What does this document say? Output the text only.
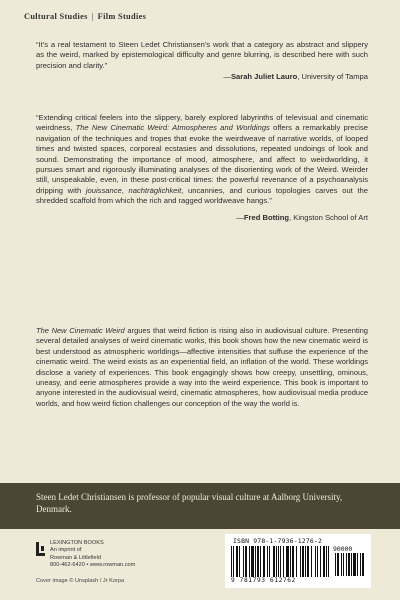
Cultural Studies | Film Studies
“It’s a real testament to Steen Ledet Christiansen’s work that a category as abstract and slippery as the weird, marked by epistemological difficulty and genre blurring, is described here with such precision and clarity.”
—Sarah Juliet Lauro, University of Tampa
“Extending critical feelers into the slippery, barely explored labyrinths of televisual and cinematic weirdness, The New Cinematic Weird: Atmospheres and Worldings offers a remarkably precise navigation of the techniques and tropes that evoke the weirdweave of narrative worlds, of looped times and twisted spaces, corporeal ecstasies and dissolutions, repeated undoings of look and sound. Demonstrating the importance of mood, atmosphere, and affect to weirdworlding, it pursues smart and rigorously illuminating analyses of the disorienting work of the Weird. Weirder still, unspeakable, even, in these post-critical times: the powerful revenance of a psychoanalysis dripping with jouissance, nachträglichkeit, uncannies, and curious topologies carves out the shredded scaffold from which the rich and ragged worldweave hangs.”
—Fred Botting, Kingston School of Art
The New Cinematic Weird argues that weird fiction is rising also in audiovisual culture. Presenting several detailed analyses of weird cinematic works, this book shows how the new cinematic weird is best understood as atmospheric worldings—affective intensities that suffuse the experience of the cinematic weird. The weird exists as an experiential field, an inflation of the world. These worldings disclose a variety of experiences. This book engagingly shows how creepy, unsettling, ominous, uneasy, and eerie atmospheres provide a way into the weird experience. This book is important to anyone interested in the audiovisual weird, cinematic atmospheres, how audiovisual media produce worlds, and how weird fiction challenges our conception of the way the world is.
Steen Ledet Christiansen is professor of popular visual culture at Aalborg University, Denmark.
LEXINGTON BOOKS
An imprint of
Rowman & Littlefield
800-462-6420 • www.rowman.com
Cover image © Unsplash / Jr Korpa
ISBN 978-1-7936-1276-2
90000
9 781793 612762
